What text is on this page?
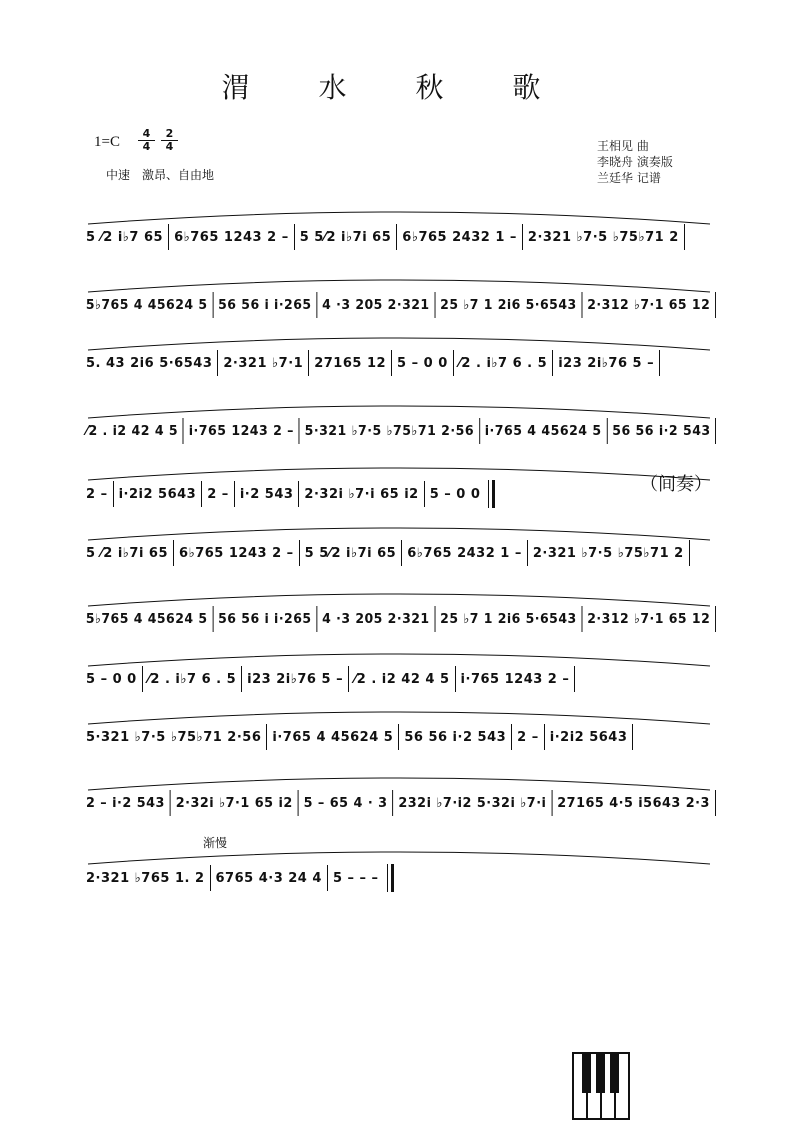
渭 水 秋 歌
$1=C \frac{4}{4} \frac{2}{4}$
中速　激昂、自由地
王相见 曲
李晓舟 演奏版
兰廷华 记谱
5 ⁄2 i♭7 65 6♭765 1243 2 – 5 5⁄2 i♭7i 65 6♭765 2432 1 – 2·321 ♭7·5 ♭75♭71 2
5♭765 4 45624 5 56 56 i i·265 4 ·3 205 2·321 25 ♭7 1 2i6 5·6543 2·312 ♭7·1 65 12
5. 43 2i6 5·6543 2·321 ♭7·1 27165 12 5 – 0 0 ⁄2 . i♭7 6 . 5 i23 2i♭76 5 –
⁄2 . i2 42 4 5 i·765 1243 2 – 5·321 ♭7·5 ♭75♭71 2·56 i·765 4 45624 5 56 56 i·2 543
2 – i·2i2 5643 2 – i·2 543 2·32i ♭7·i 65 i2 5 – 0 0
5 ⁄2 i♭7i 65 6♭765 1243 2 – 5 5⁄2 i♭7i 65 6♭765 2432 1 – 2·321 ♭7·5 ♭75♭71 2
5♭765 4 45624 5 56 56 i i·265 4 ·3 205 2·321 25 ♭7 1 2i6 5·6543 2·312 ♭7·1 65 12
5 – 0 0 ⁄2 . i♭7 6 . 5 i23 2i♭76 5 – ⁄2 . i2 42 4 5 i·765 1243 2 –
5·321 ♭7·5 ♭75♭71 2·56 i·765 4 45624 5 56 56 i·2 543 2 – i·2i2 5643
2 – i·2 543 2·32i ♭7·1 65 i2 5 – 65 4 · 3 232i ♭7·i2 5·32i ♭7·i 27165 4·5 i5643 2·3
2·321 ♭765 1. 2 6765 4·3 24 4 5 – – –
（间奏）
渐慢
